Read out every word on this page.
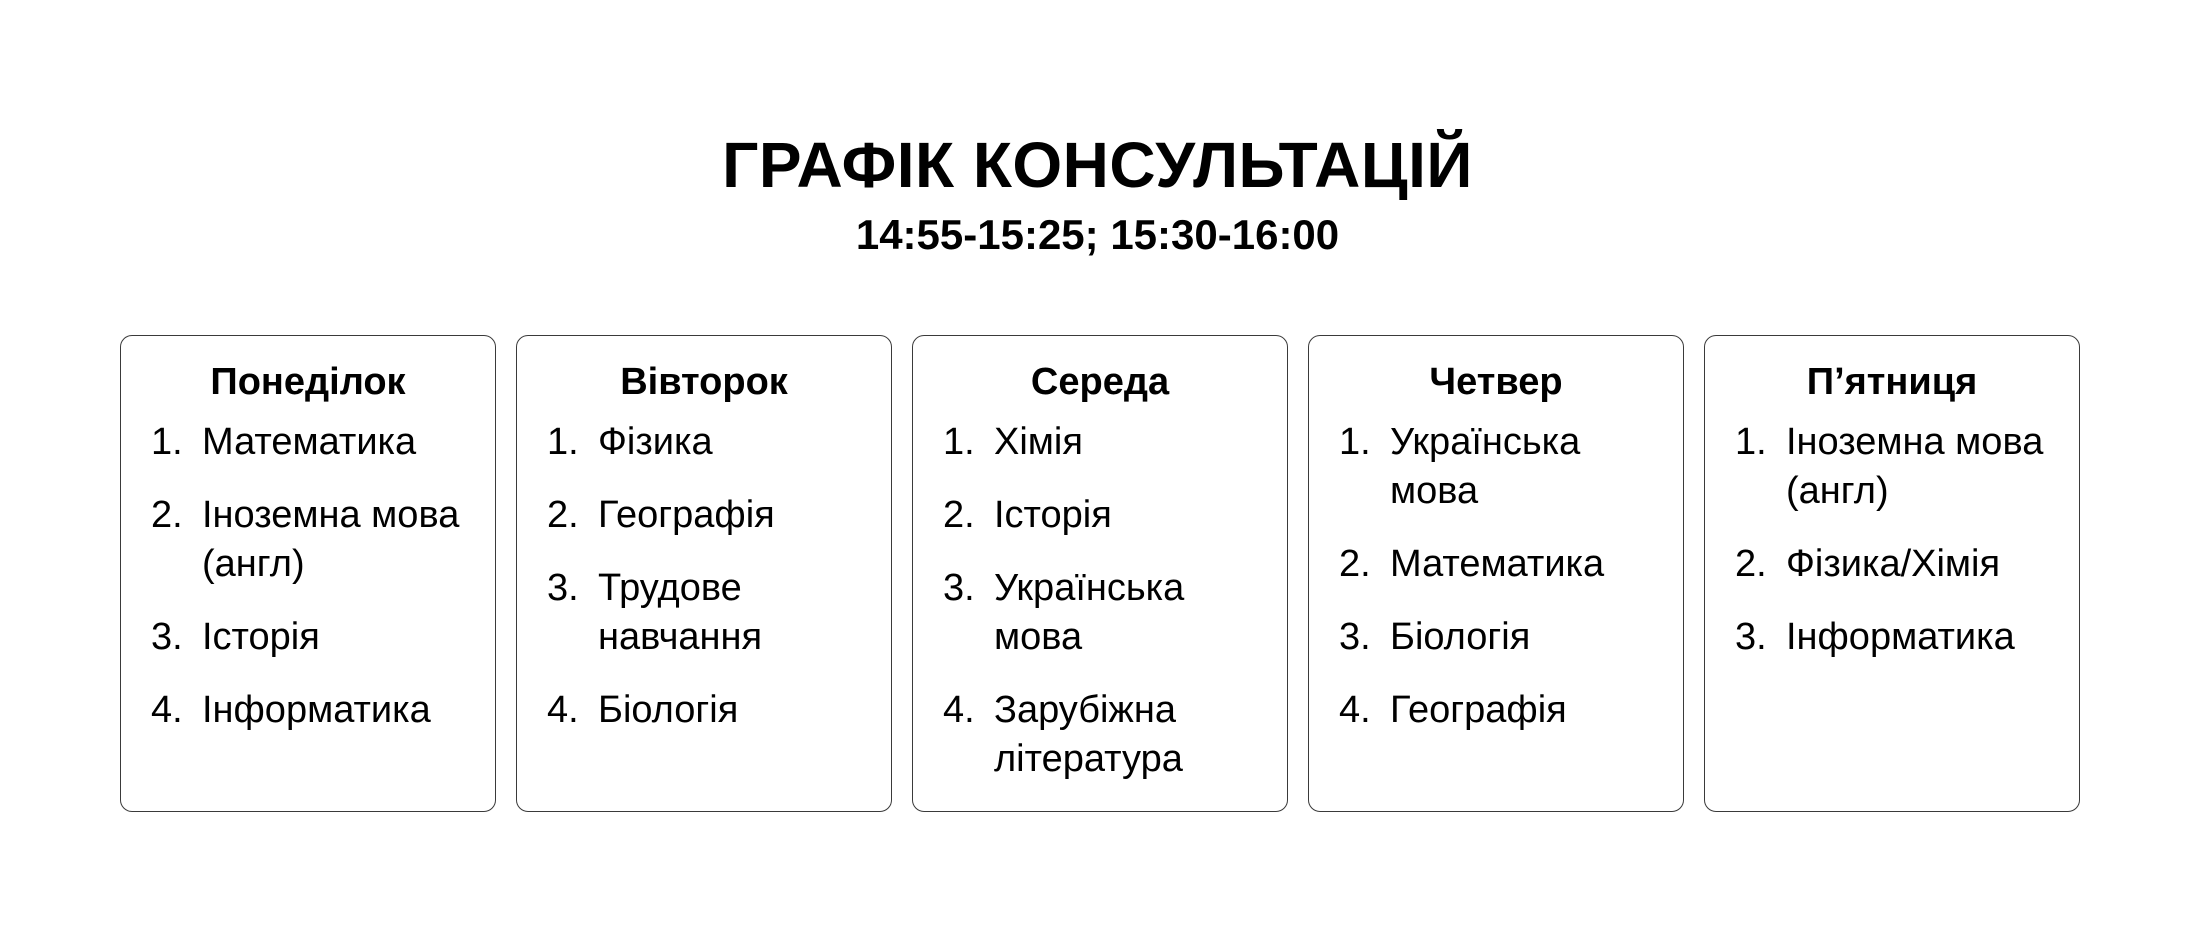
ГРАФІК КОНСУЛЬТАЦІЙ
14:55-15:25; 15:30-16:00
Понеділок
1. Математика
2. Іноземна мова (англ)
3. Історія
4. Інформатика
Вівторок
1. Фізика
2. Географія
3. Трудове навчання
4. Біологія
Середа
1. Хімія
2. Історія
3. Українська мова
4. Зарубіжна література
Четвер
1. Українська мова
2. Математика
3. Біологія
4. Географія
П’ятниця
1. Іноземна мова (англ)
2. Фізика/Хімія
3. Інформатика
